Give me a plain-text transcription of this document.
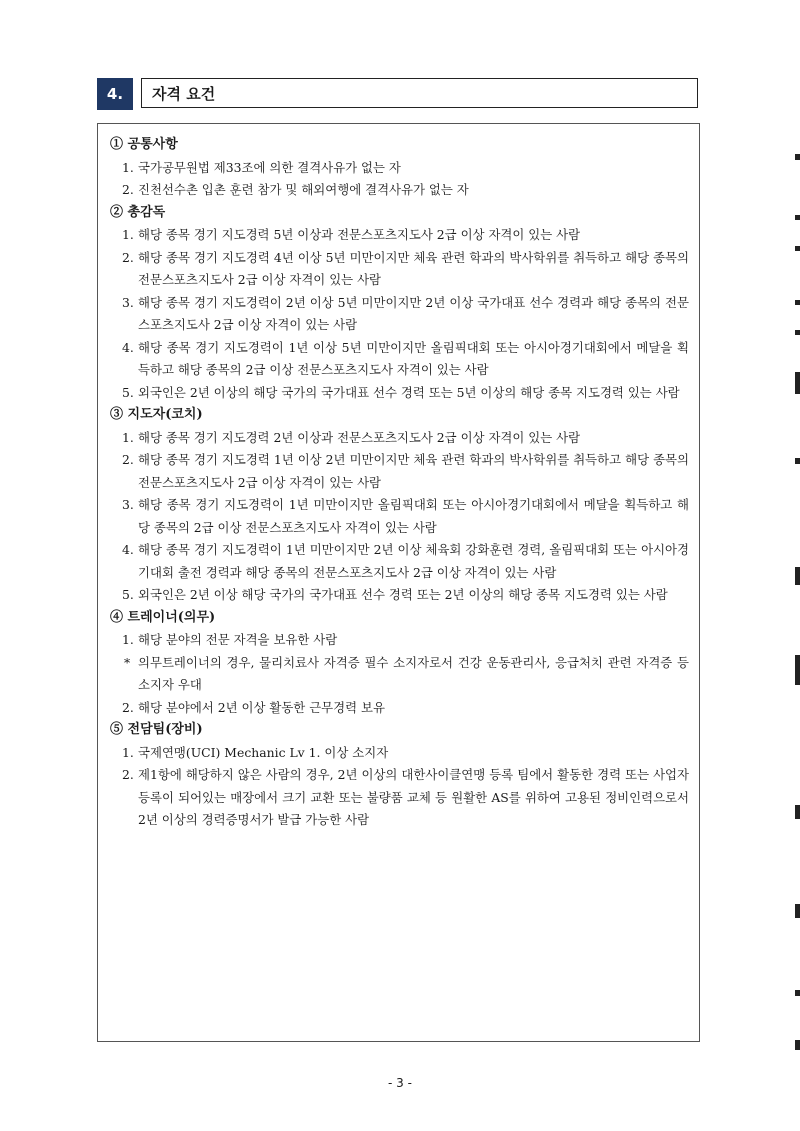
4.	자격 요건
① 공통사항
1. 국가공무원법 제33조에 의한 결격사유가 없는 자
2. 진천선수촌 입촌 훈련 참가 및 해외여행에 결격사유가 없는 자
② 총감독
1. 해당 종목 경기 지도경력 5년 이상과 전문스포츠지도사 2급 이상 자격이 있는 사람
2. 해당 종목 경기 지도경력 4년 이상 5년 미만이지만 체육 관련 학과의 박사학위를 취득하고 해당 종목의 전문스포츠지도사 2급 이상 자격이 있는 사람
3. 해당 종목 경기 지도경력이 2년 이상 5년 미만이지만 2년 이상 국가대표 선수 경력과 해당 종목의 전문스포츠지도사 2급 이상 자격이 있는 사람
4. 해당 종목 경기 지도경력이 1년 이상 5년 미만이지만 올림픽대회 또는 아시아경기대회에서 메달을 획득하고 해당 종목의 2급 이상 전문스포츠지도사 자격이 있는 사람
5. 외국인은 2년 이상의 해당 국가의 국가대표 선수 경력 또는 5년 이상의 해당 종목 지도경력 있는 사람
③ 지도자(코치)
1. 해당 종목 경기 지도경력 2년 이상과 전문스포츠지도사 2급 이상 자격이 있는 사람
2. 해당 종목 경기 지도경력 1년 이상 2년 미만이지만 체육 관련 학과의 박사학위를 취득하고 해당 종목의 전문스포츠지도사 2급 이상 자격이 있는 사람
3. 해당 종목 경기 지도경력이 1년 미만이지만 올림픽대회 또는 아시아경기대회에서 메달을 획득하고 해당 종목의 2급 이상 전문스포츠지도사 자격이 있는 사람
4. 해당 종목 경기 지도경력이 1년 미만이지만 2년 이상 체육회 강화훈련 경력, 올림픽대회 또는 아시아경기대회 출전 경력과 해당 종목의 전문스포츠지도사 2급 이상 자격이 있는 사람
5. 외국인은 2년 이상 해당 국가의 국가대표 선수 경력 또는 2년 이상의 해당 종목 지도경력 있는 사람
④ 트레이너(의무)
1. 해당 분야의 전문 자격을 보유한 사람
* 의무트레이너의 경우, 물리치료사 자격증 필수 소지자로서 건강 운동관리사, 응급처치 관련 자격증 등 소지자 우대
2. 해당 분야에서 2년 이상 활동한 근무경력 보유
⑤ 전담팀(장비)
1. 국제연맹(UCI) Mechanic Lv 1. 이상 소지자
2. 제1항에 해당하지 않은 사람의 경우, 2년 이상의 대한사이클연맹 등록 팀에서 활동한 경력 또는 사업자등록이 되어있는 매장에서 크기 교환 또는 불량품 교체 등 원활한 AS를 위하여 고용된 정비인력으로서 2년 이상의 경력증명서가 발급 가능한 사람
- 3 -
